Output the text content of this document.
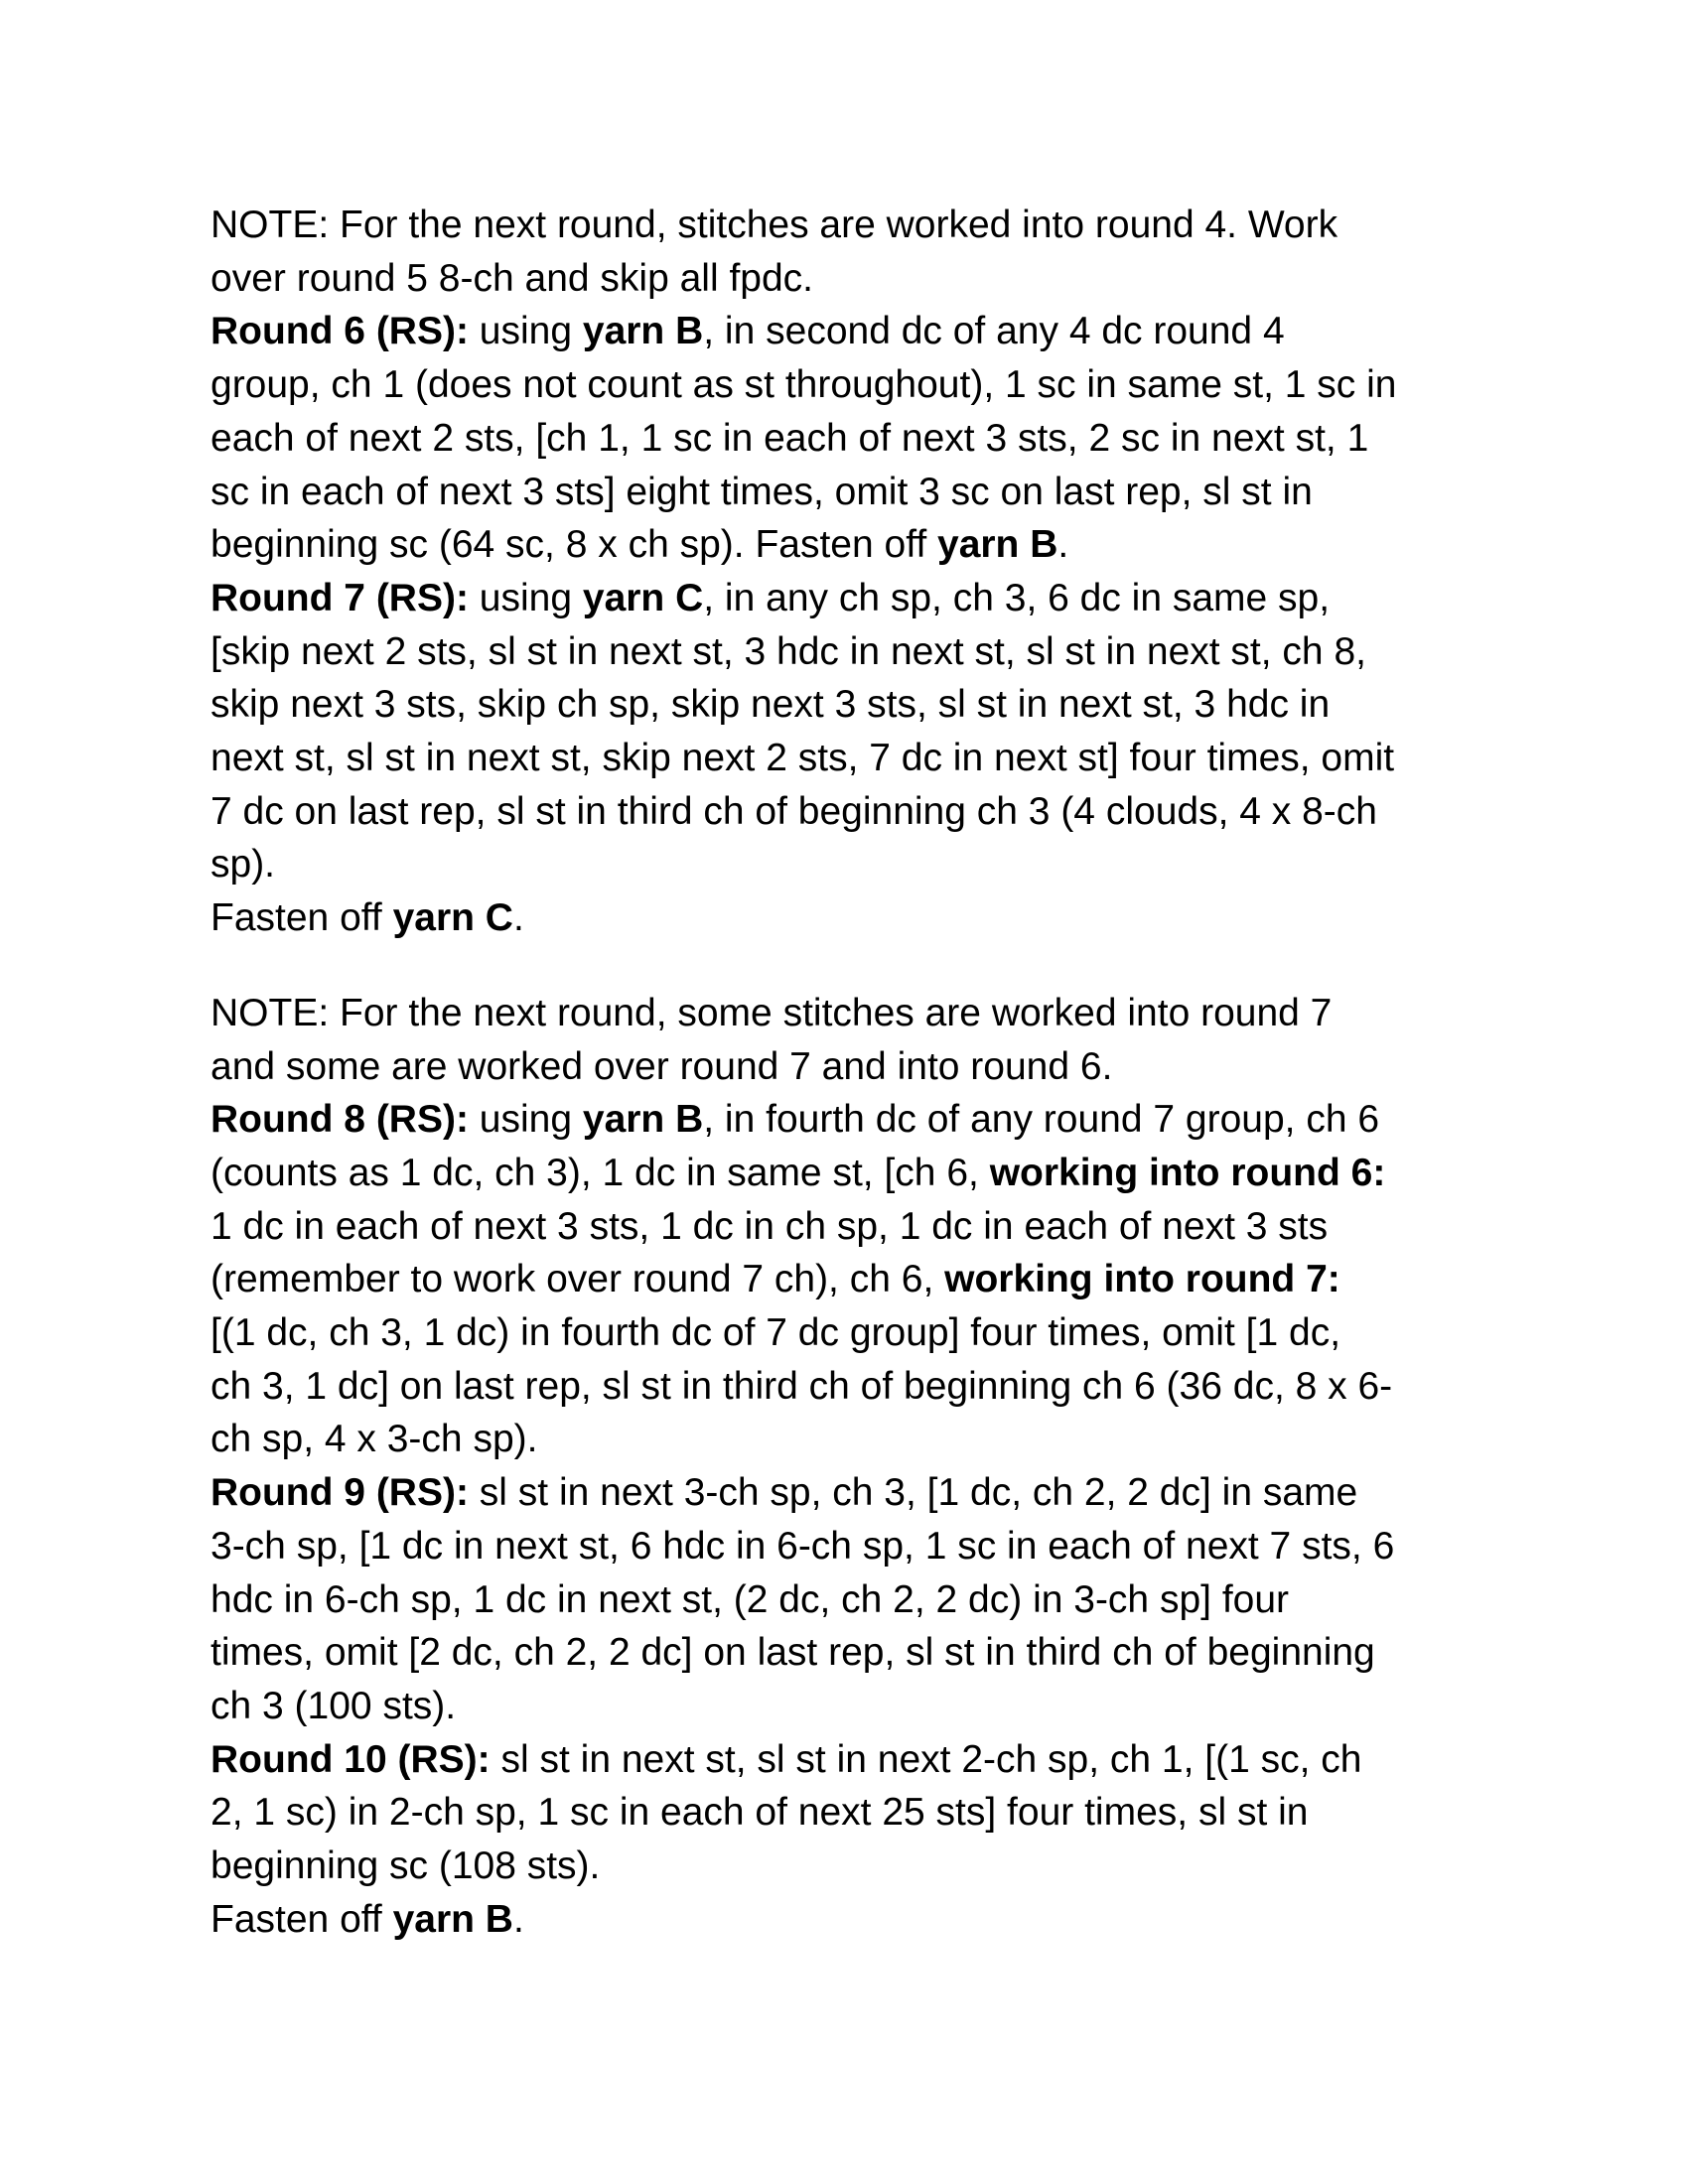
NOTE: For the next round, stitches are worked into round 4. Work

over round 5 8-ch and skip all fpdc.

Round 6 (RS): using yarn B, in second dc of any 4 dc round 4

group, ch 1 (does not count as st throughout), 1 sc in same st, 1 sc in

each of next 2 sts, [ch 1, 1 sc in each of next 3 sts, 2 sc in next st, 1

sc in each of next 3 sts] eight times, omit 3 sc on last rep, sl st in

beginning sc (64 sc, 8 x ch sp). Fasten off yarn B.

Round 7 (RS): using yarn C, in any ch sp, ch 3, 6 dc in same sp,

[skip next 2 sts, sl st in next st, 3 hdc in next st, sl st in next st, ch 8,

skip next 3 sts, skip ch sp, skip next 3 sts, sl st in next st, 3 hdc in

next st, sl st in next st, skip next 2 sts, 7 dc in next st] four times, omit

7 dc on last rep, sl st in third ch of beginning ch 3 (4 clouds, 4 x 8-ch

sp).

Fasten off yarn C.

NOTE: For the next round, some stitches are worked into round 7

and some are worked over round 7 and into round 6.

Round 8 (RS): using yarn B, in fourth dc of any round 7 group, ch 6

(counts as 1 dc, ch 3), 1 dc in same st, [ch 6, working into round 6:

1 dc in each of next 3 sts, 1 dc in ch sp, 1 dc in each of next 3 sts

(remember to work over round 7 ch), ch 6, working into round 7:

[(1 dc, ch 3, 1 dc) in fourth dc of 7 dc group] four times, omit [1 dc,

ch 3, 1 dc] on last rep, sl st in third ch of beginning ch 6 (36 dc, 8 x 6-

ch sp, 4 x 3-ch sp).

Round 9 (RS): sl st in next 3-ch sp, ch 3, [1 dc, ch 2, 2 dc] in same

3-ch sp, [1 dc in next st, 6 hdc in 6-ch sp, 1 sc in each of next 7 sts, 6

hdc in 6-ch sp, 1 dc in next st, (2 dc, ch 2, 2 dc) in 3-ch sp] four

times, omit [2 dc, ch 2, 2 dc] on last rep, sl st in third ch of beginning

ch 3 (100 sts).

Round 10 (RS): sl st in next st, sl st in next 2-ch sp, ch 1, [(1 sc, ch

2, 1 sc) in 2-ch sp, 1 sc in each of next 25 sts] four times, sl st in

beginning sc (108 sts).

Fasten off yarn B.
